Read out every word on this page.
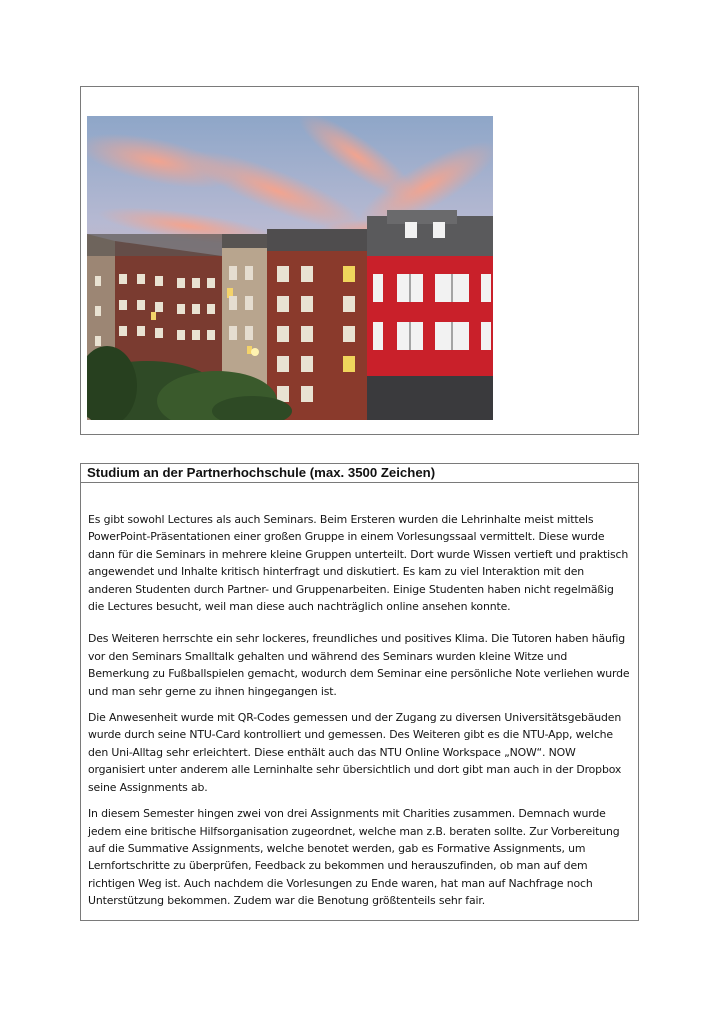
Studium an der Partnerhochschule (max. 3500 Zeichen)

Es gibt sowohl Lectures als auch Seminars. Beim Ersteren wurden die Lehrinhalte meist mittels PowerPoint-Präsentationen einer großen Gruppe in einem Vorlesungssaal vermittelt. Diese wurde dann für die Seminars in mehrere kleine Gruppen unterteilt. Dort wurde Wissen vertieft und praktisch angewendet und Inhalte kritisch hinterfragt und diskutiert. Es kam zu viel Interaktion mit den anderen Studenten durch Partner- und Gruppenarbeiten. Einige Studenten haben nicht regelmäßig die Lectures besucht, weil man diese auch nachträglich online ansehen konnte.

Des Weiteren herrschte ein sehr lockeres, freundliches und positives Klima. Die Tutoren haben häufig vor den Seminars Smalltalk gehalten und während des Seminars wurden kleine Witze und Bemerkung zu Fußballspielen gemacht, wodurch dem Seminar eine persönliche Note verliehen wurde und man sehr gerne zu ihnen hingegangen ist.

Die Anwesenheit wurde mit QR-Codes gemessen und der Zugang zu diversen Universitätsgebäuden wurde durch seine NTU-Card kontrolliert und gemessen. Des Weiteren gibt es die NTU-App, welche den Uni-Alltag sehr erleichtert. Diese enthält auch das NTU Online Workspace „NOW“. NOW organisiert unter anderem alle Lerninhalte sehr übersichtlich und dort gibt man auch in der Dropbox seine Assignments ab.

In diesem Semester hingen zwei von drei Assignments mit Charities zusammen. Demnach wurde jedem eine britische Hilfsorganisation zugeordnet, welche man z.B. beraten sollte. Zur Vorbereitung auf die Summative Assignments, welche benotet werden, gab es Formative Assignments, um Lernfortschritte zu überprüfen, Feedback zu bekommen und herauszufinden, ob man auf dem richtigen Weg ist. Auch nachdem die Vorlesungen zu Ende waren, hat man auf Nachfrage noch Unterstützung bekommen. Zudem war die Benotung größtenteils sehr fair.
